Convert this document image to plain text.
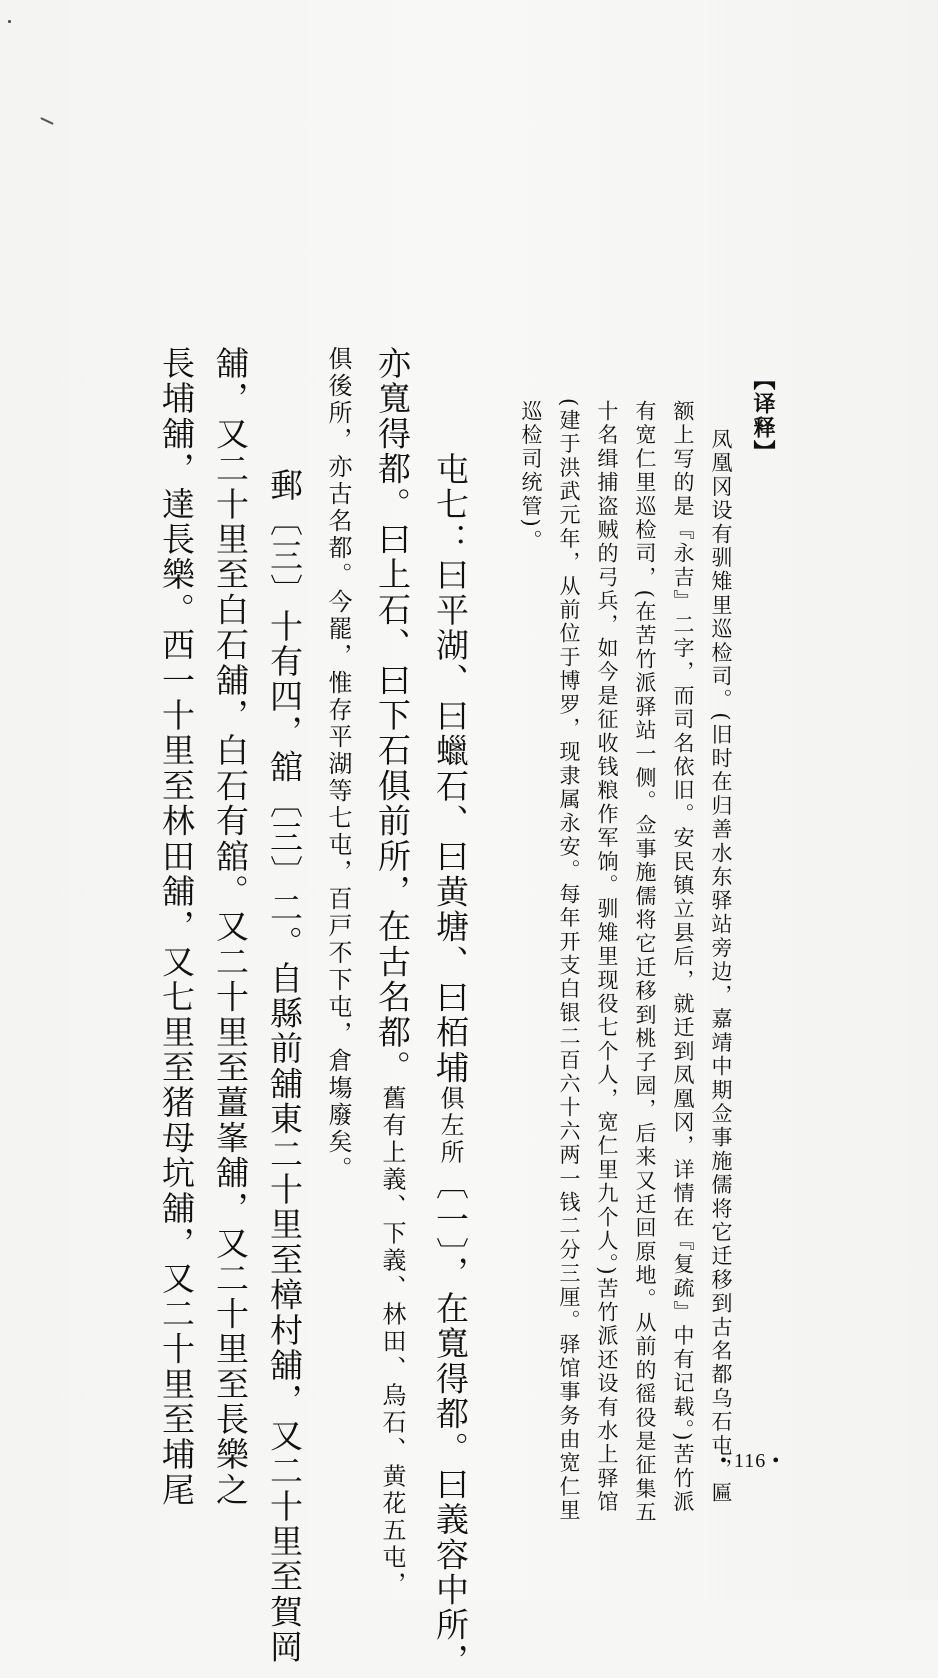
【译释】
凤凰冈设有驯雉里巡检司。(旧时在归善水东驿站旁边，嘉靖中期佥事施儒将它迁移到古名都乌石屯，匾
额上写的是『永吉』二字，而司名依旧。安民镇立县后，就迁到凤凰冈，详情在『复疏』中有记载。)苦竹派
有宽仁里巡检司，(在苦竹派驿站一侧。佥事施儒将它迁移到桃子园，后来又迁回原地。从前的徭役是征集五
十名缉捕盗贼的弓兵，如今是征收钱粮作军饷。驯雉里现役七个人，宽仁里九个人。)苦竹派还设有水上驿馆
(建于洪武元年，从前位于博罗，现隶属永安。每年开支白银二百六十六两一钱二分三厘。驿馆事务由宽仁里
巡检司统管)。
屯七：曰平湖、曰蠟石、曰黄塘、曰栢埔俱左所〔一〕，在寬得都。曰義容中所，
亦寬得都。曰上石、曰下石俱前所，在古名都。舊有上義、下義、林田、烏石、黄花五屯，
俱後所，亦古名都。今罷，惟存平湖等七屯，百戸不下屯，倉塲廢矣。
郵〔三〕十有四，舘〔三〕二。自縣前舖東二十里至樟村舖，又二十里至賀岡
舖，又二十里至白石舖，白石有舘。又二十里至薑峯舖，又二十里至長樂之
長埔舖，達長樂。西一十里至林田舖，又七里至猪母坑舖，又二十里至埔尾	• 116 •
